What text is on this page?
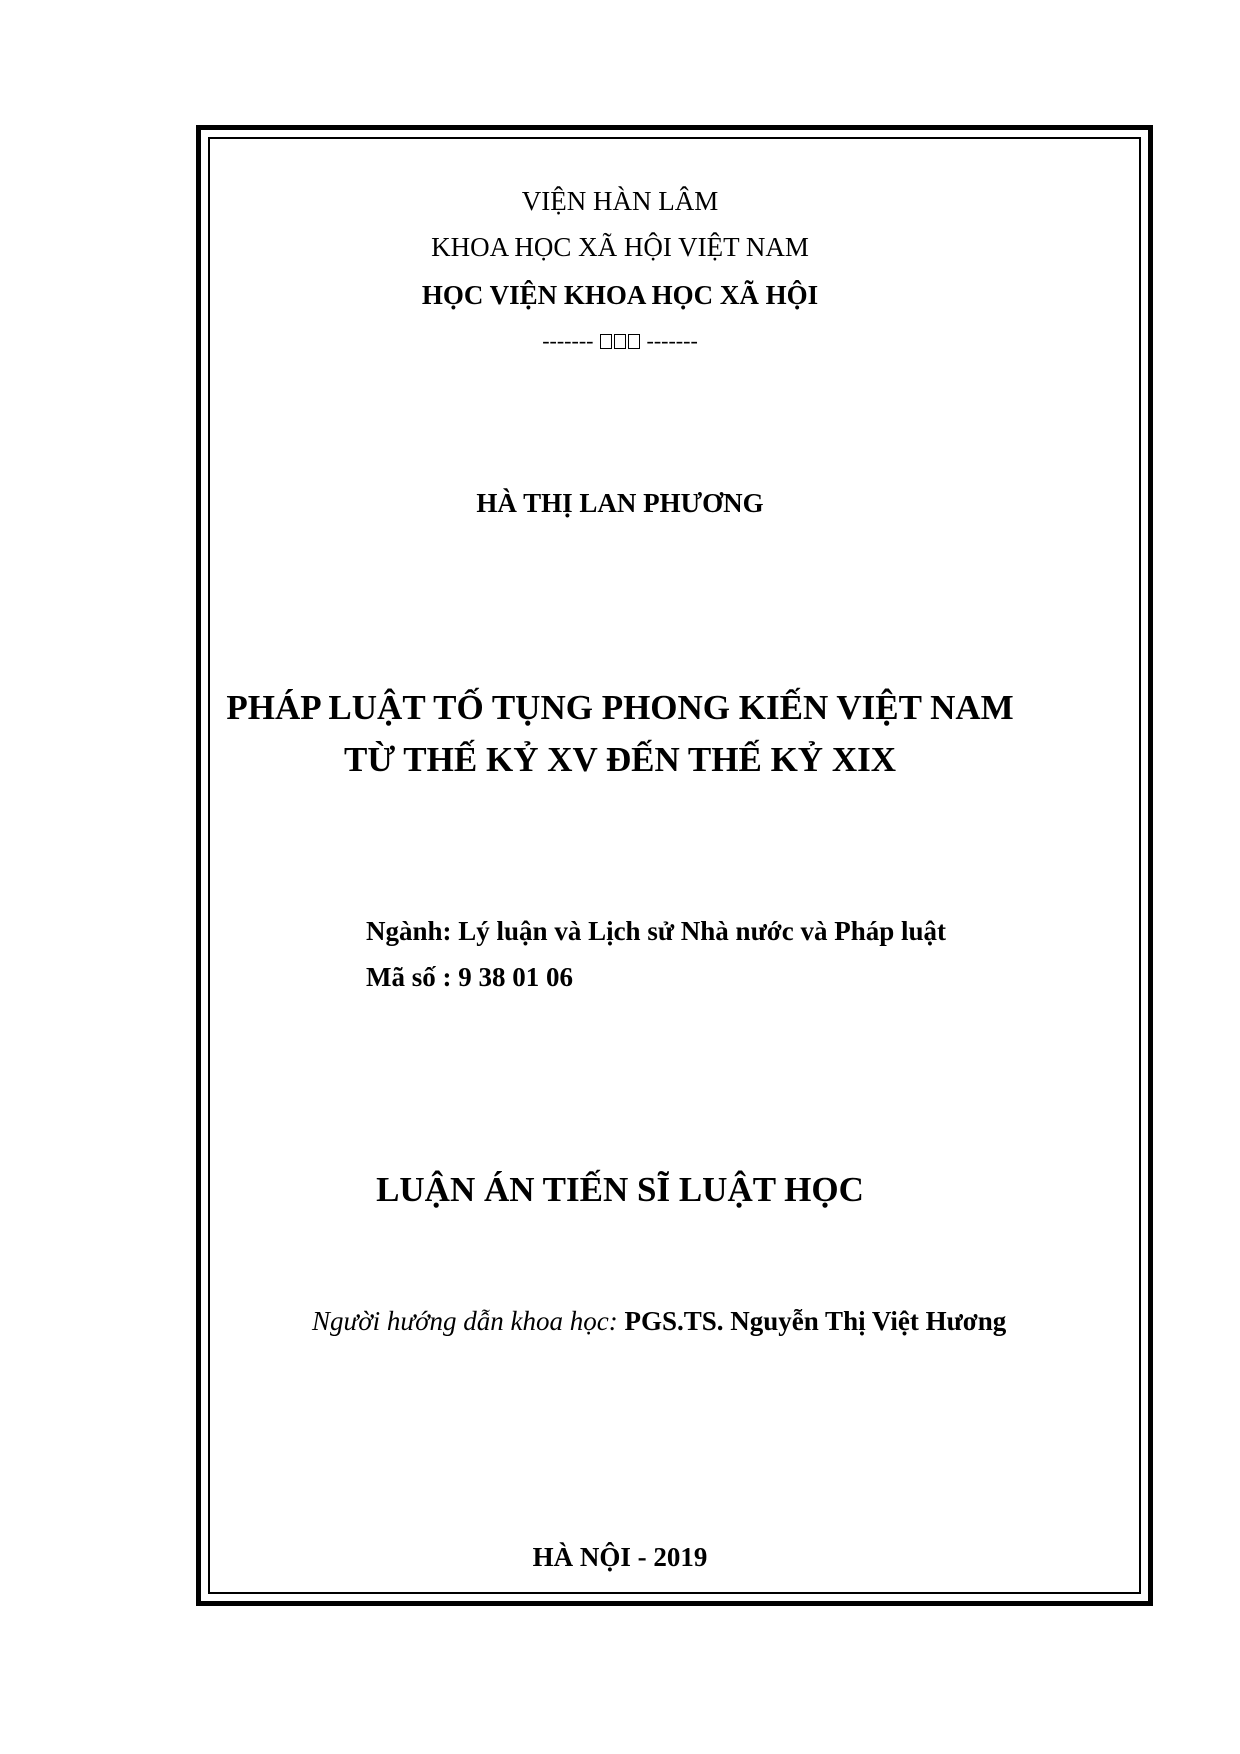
VIỆN HÀN LÂM
KHOA HỌC XÃ HỘI VIỆT NAM
HỌC VIỆN KHOA HỌC XÃ HỘI
------- -------
HÀ THỊ LAN PHƯƠNG
PHÁP LUẬT TỐ TỤNG PHONG KIẾN VIỆT NAM
TỪ THẾ KỶ XV ĐẾN THẾ KỶ XIX
Ngành: Lý luận và Lịch sử Nhà nước và Pháp luật
Mã số : 9 38 01 06
LUẬN ÁN TIẾN SĨ LUẬT HỌC
Người hướng dẫn khoa học: PGS.TS. Nguyễn Thị Việt Hương
HÀ NỘI - 2019
